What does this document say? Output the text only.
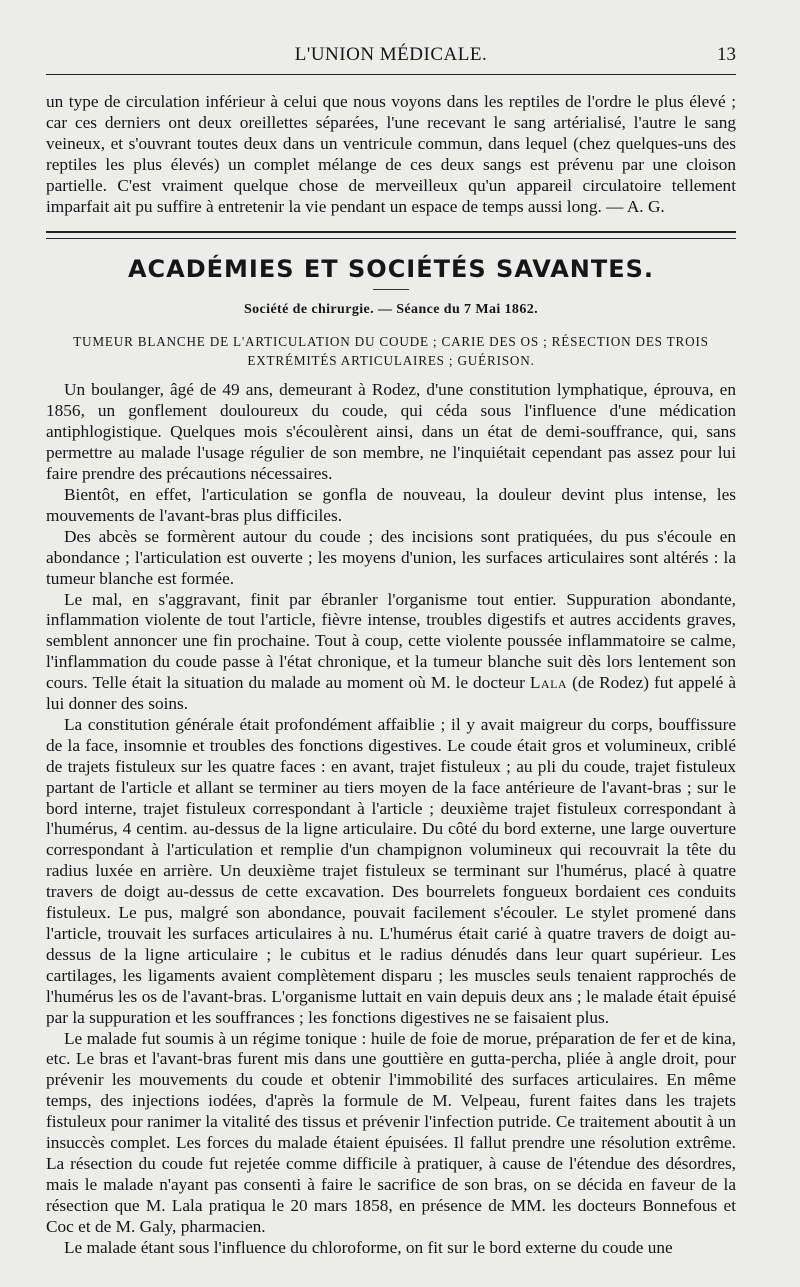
L'UNION MÉDICALE.	13

un type de circulation inférieur à celui que nous voyons dans les reptiles de l'ordre le plus élevé ; car ces derniers ont deux oreillettes séparées, l'une recevant le sang artérialisé, l'autre le sang veineux, et s'ouvrant toutes deux dans un ventricule commun, dans lequel (chez quelques-uns des reptiles les plus élevés) un complet mélange de ces deux sangs est prévenu par une cloison partielle. C'est vraiment quelque chose de merveilleux qu'un appareil circulatoire tellement imparfait ait pu suffire à entretenir la vie pendant un espace de temps aussi long. — A. G.

ACADÉMIES ET SOCIÉTÉS SAVANTES.
Société de chirurgie. — Séance du 7 Mai 1862.
TUMEUR BLANCHE DE L'ARTICULATION DU COUDE ; CARIE DES OS ; RÉSECTION DES TROIS
EXTRÉMITÉS ARTICULAIRES ; GUÉRISON.

Un boulanger, âgé de 49 ans, demeurant à Rodez, d'une constitution lymphatique, éprouva, en 1856, un gonflement douloureux du coude, qui céda sous l'influence d'une médication antiphlogistique. Quelques mois s'écoulèrent ainsi, dans un état de demi-souffrance, qui, sans permettre au malade l'usage régulier de son membre, ne l'inquiétait cependant pas assez pour lui faire prendre des précautions nécessaires.

Bientôt, en effet, l'articulation se gonfla de nouveau, la douleur devint plus intense, les mouvements de l'avant-bras plus difficiles.

Des abcès se formèrent autour du coude ; des incisions sont pratiquées, du pus s'écoule en abondance ; l'articulation est ouverte ; les moyens d'union, les surfaces articulaires sont altérés : la tumeur blanche est formée.

Le mal, en s'aggravant, finit par ébranler l'organisme tout entier. Suppuration abondante, inflammation violente de tout l'article, fièvre intense, troubles digestifs et autres accidents graves, semblent annoncer une fin prochaine. Tout à coup, cette violente poussée inflammatoire se calme, l'inflammation du coude passe à l'état chronique, et la tumeur blanche suit dès lors lentement son cours. Telle était la situation du malade au moment où M. le docteur Lala (de Rodez) fut appelé à lui donner des soins.

La constitution générale était profondément affaiblie ; il y avait maigreur du corps, bouffissure de la face, insomnie et troubles des fonctions digestives. Le coude était gros et volumineux, criblé de trajets fistuleux sur les quatre faces : en avant, trajet fistuleux ; au pli du coude, trajet fistuleux partant de l'article et allant se terminer au tiers moyen de la face antérieure de l'avant-bras ; sur le bord interne, trajet fistuleux correspondant à l'article ; deuxième trajet fistuleux correspondant à l'humérus, 4 centim. au-dessus de la ligne articulaire. Du côté du bord externe, une large ouverture correspondant à l'articulation et remplie d'un champignon volumineux qui recouvrait la tête du radius luxée en arrière. Un deuxième trajet fistuleux se terminant sur l'humérus, placé à quatre travers de doigt au-dessus de cette excavation. Des bourrelets fongueux bordaient ces conduits fistuleux. Le pus, malgré son abondance, pouvait facilement s'écouler. Le stylet promené dans l'article, trouvait les surfaces articulaires à nu. L'humérus était carié à quatre travers de doigt au-dessus de la ligne articulaire ; le cubitus et le radius dénudés dans leur quart supérieur. Les cartilages, les ligaments avaient complètement disparu ; les muscles seuls tenaient rapprochés de l'humérus les os de l'avant-bras. L'organisme luttait en vain depuis deux ans ; le malade était épuisé par la suppuration et les souffrances ; les fonctions digestives ne se faisaient plus.

Le malade fut soumis à un régime tonique : huile de foie de morue, préparation de fer et de kina, etc. Le bras et l'avant-bras furent mis dans une gouttière en gutta-percha, pliée à angle droit, pour prévenir les mouvements du coude et obtenir l'immobilité des surfaces articulaires. En même temps, des injections iodées, d'après la formule de M. Velpeau, furent faites dans les trajets fistuleux pour ranimer la vitalité des tissus et prévenir l'infection putride. Ce traitement aboutit à un insuccès complet. Les forces du malade étaient épuisées. Il fallut prendre une résolution extrême. La résection du coude fut rejetée comme difficile à pratiquer, à cause de l'étendue des désordres, mais le malade n'ayant pas consenti à faire le sacrifice de son bras, on se décida en faveur de la résection que M. Lala pratiqua le 20 mars 1858, en présence de MM. les docteurs Bonnefous et Coc et de M. Galy, pharmacien.

Le malade étant sous l'influence du chloroforme, on fit sur le bord externe du coude une
